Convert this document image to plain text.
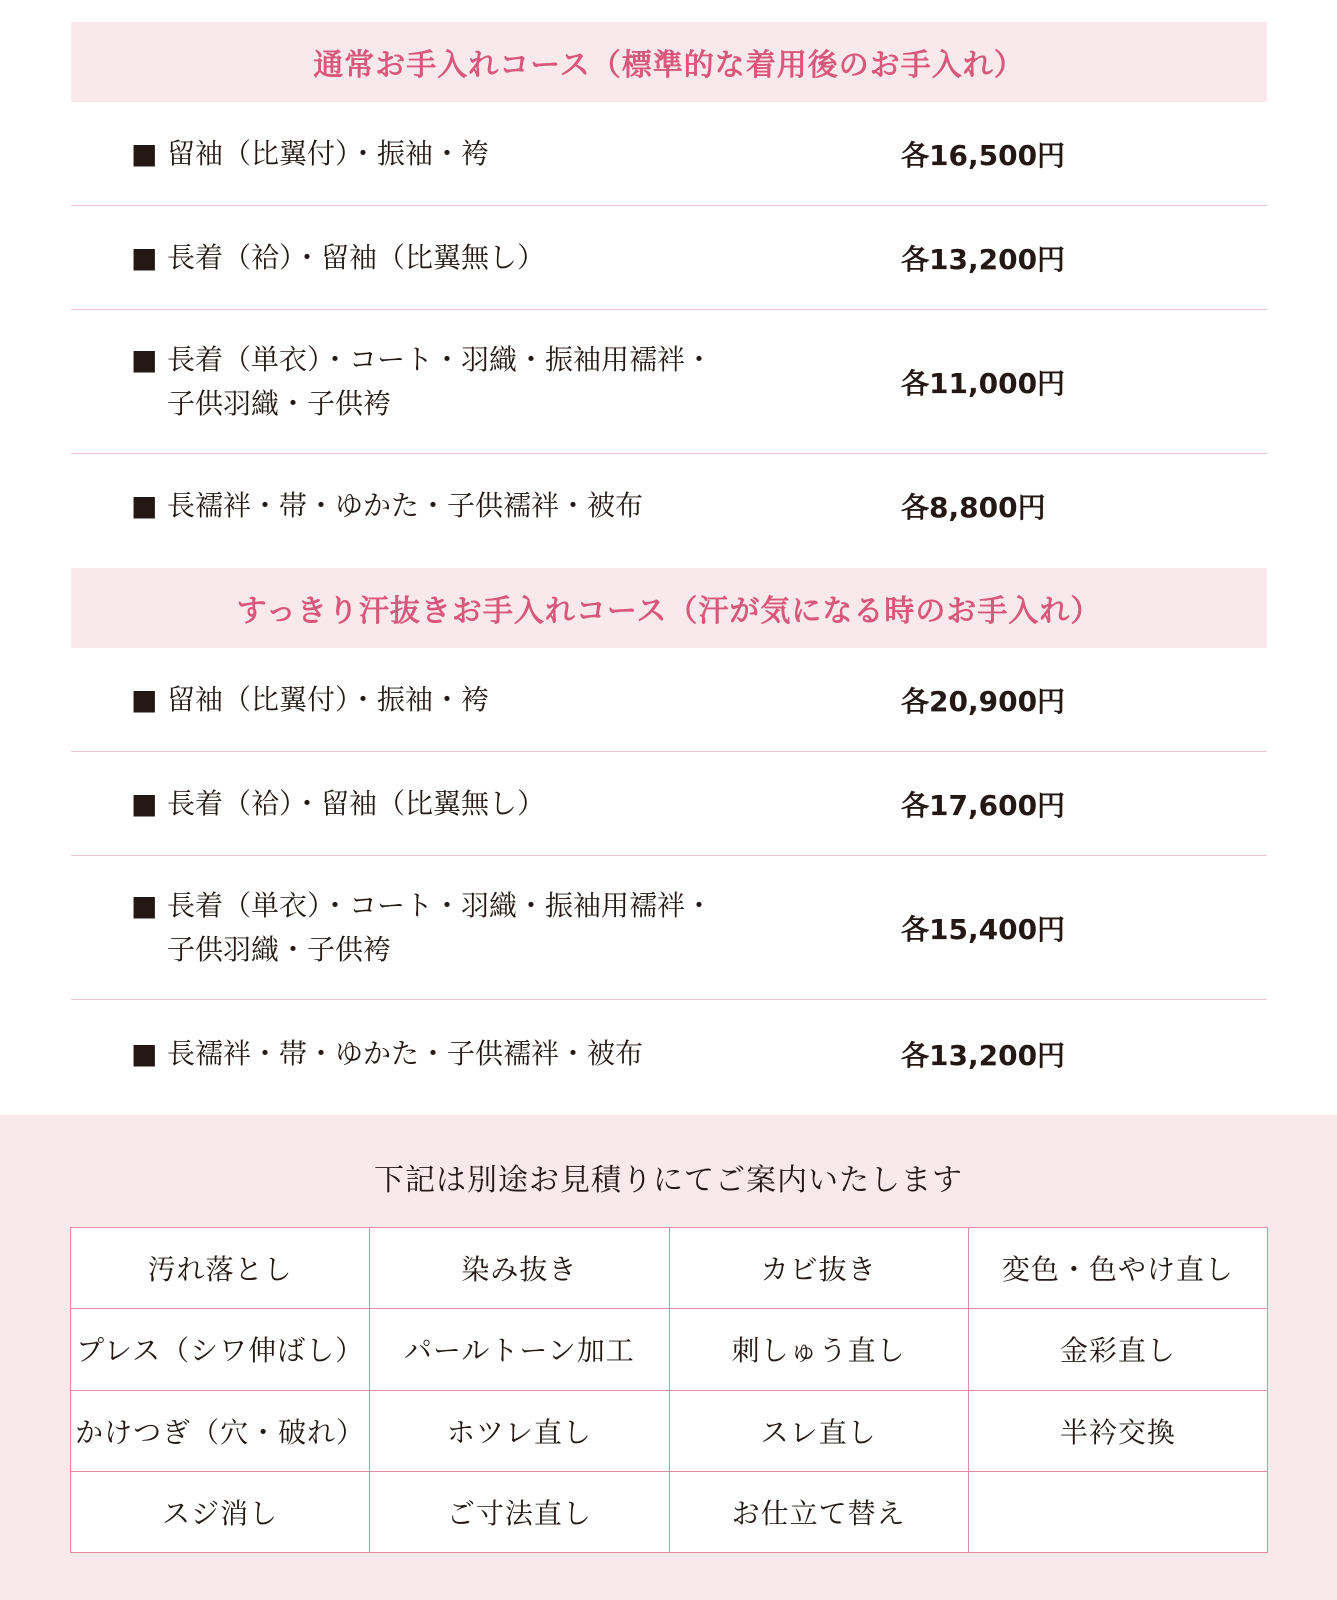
通常お手入れコース（標準的な着用後のお手入れ）
■ 留袖（比翼付）・振袖・袴	各16,500円
■ 長着（袷）・留袖（比翼無し）	各13,200円
■ 長着（単衣）・コート・羽織・振袖用襦袢・
子供羽織・子供袴
各11,000円
■ 長襦袢・帯・ゆかた・子供襦袢・被布	各8,800円
すっきり汗抜きお手入れコース（汗が気になる時のお手入れ）
■ 留袖（比翼付）・振袖・袴	各20,900円
■ 長着（袷）・留袖（比翼無し）	各17,600円
■ 長着（単衣）・コート・羽織・振袖用襦袢・
子供羽織・子供袴
各15,400円
■ 長襦袢・帯・ゆかた・子供襦袢・被布	各13,200円
下記は別途お見積りにてご案内いたします
汚れ落とし	染み抜き	カビ抜き	変色・色やけ直し
プレス（シワ伸ばし）	パールトーン加工	刺しゅう直し	金彩直し
かけつぎ（穴・破れ）	ホツレ直し	スレ直し	半衿交換
スジ消し	ご寸法直し	お仕立て替え	
